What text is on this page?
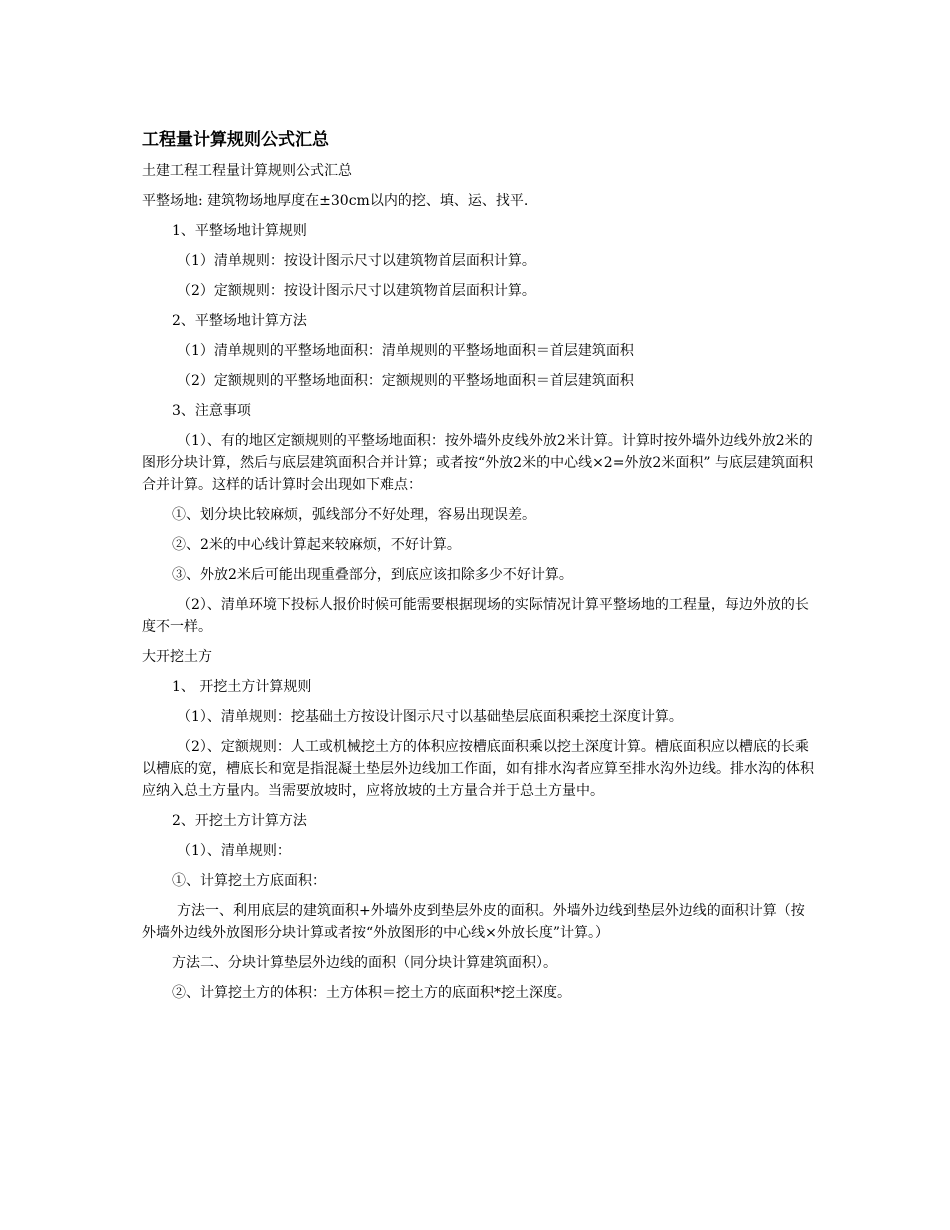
工程量计算规则公式汇总

土建工程工程量计算规则公式汇总

平整场地: 建筑物场地厚度在±30cm以内的挖、填、运、找平.

1、平整场地计算规则

（1）清单规则：按设计图示尺寸以建筑物首层面积计算。

（2）定额规则：按设计图示尺寸以建筑物首层面积计算。

2、平整场地计算方法

（1）清单规则的平整场地面积：清单规则的平整场地面积＝首层建筑面积

（2）定额规则的平整场地面积：定额规则的平整场地面积＝首层建筑面积

3、注意事项

（1）、有的地区定额规则的平整场地面积：按外墙外皮线外放2米计算。计算时按外墙外边线外放2米的图形分块计算，然后与底层建筑面积合并计算；或者按“外放2米的中心线×2=外放2米面积” 与底层建筑面积合并计算。这样的话计算时会出现如下难点：

①、划分块比较麻烦，弧线部分不好处理，容易出现误差。

②、2米的中心线计算起来较麻烦，不好计算。

③、外放2米后可能出现重叠部分，到底应该扣除多少不好计算。

（2）、清单环境下投标人报价时候可能需要根据现场的实际情况计算平整场地的工程量，每边外放的长度不一样。

大开挖土方

1、 开挖土方计算规则

（1）、清单规则：挖基础土方按设计图示尺寸以基础垫层底面积乘挖土深度计算。

（2）、定额规则：人工或机械挖土方的体积应按槽底面积乘以挖土深度计算。槽底面积应以槽底的长乘以槽底的宽，槽底长和宽是指混凝土垫层外边线加工作面，如有排水沟者应算至排水沟外边线。排水沟的体积应纳入总土方量内。当需要放坡时，应将放坡的土方量合并于总土方量中。

2、开挖土方计算方法

（1）、清单规则：

①、计算挖土方底面积：

方法一、利用底层的建筑面积+外墙外皮到垫层外皮的面积。外墙外边线到垫层外边线的面积计算（按外墙外边线外放图形分块计算或者按“外放图形的中心线×外放长度”计算。）

方法二、分块计算垫层外边线的面积（同分块计算建筑面积）。

②、计算挖土方的体积：土方体积＝挖土方的底面积*挖土深度。
